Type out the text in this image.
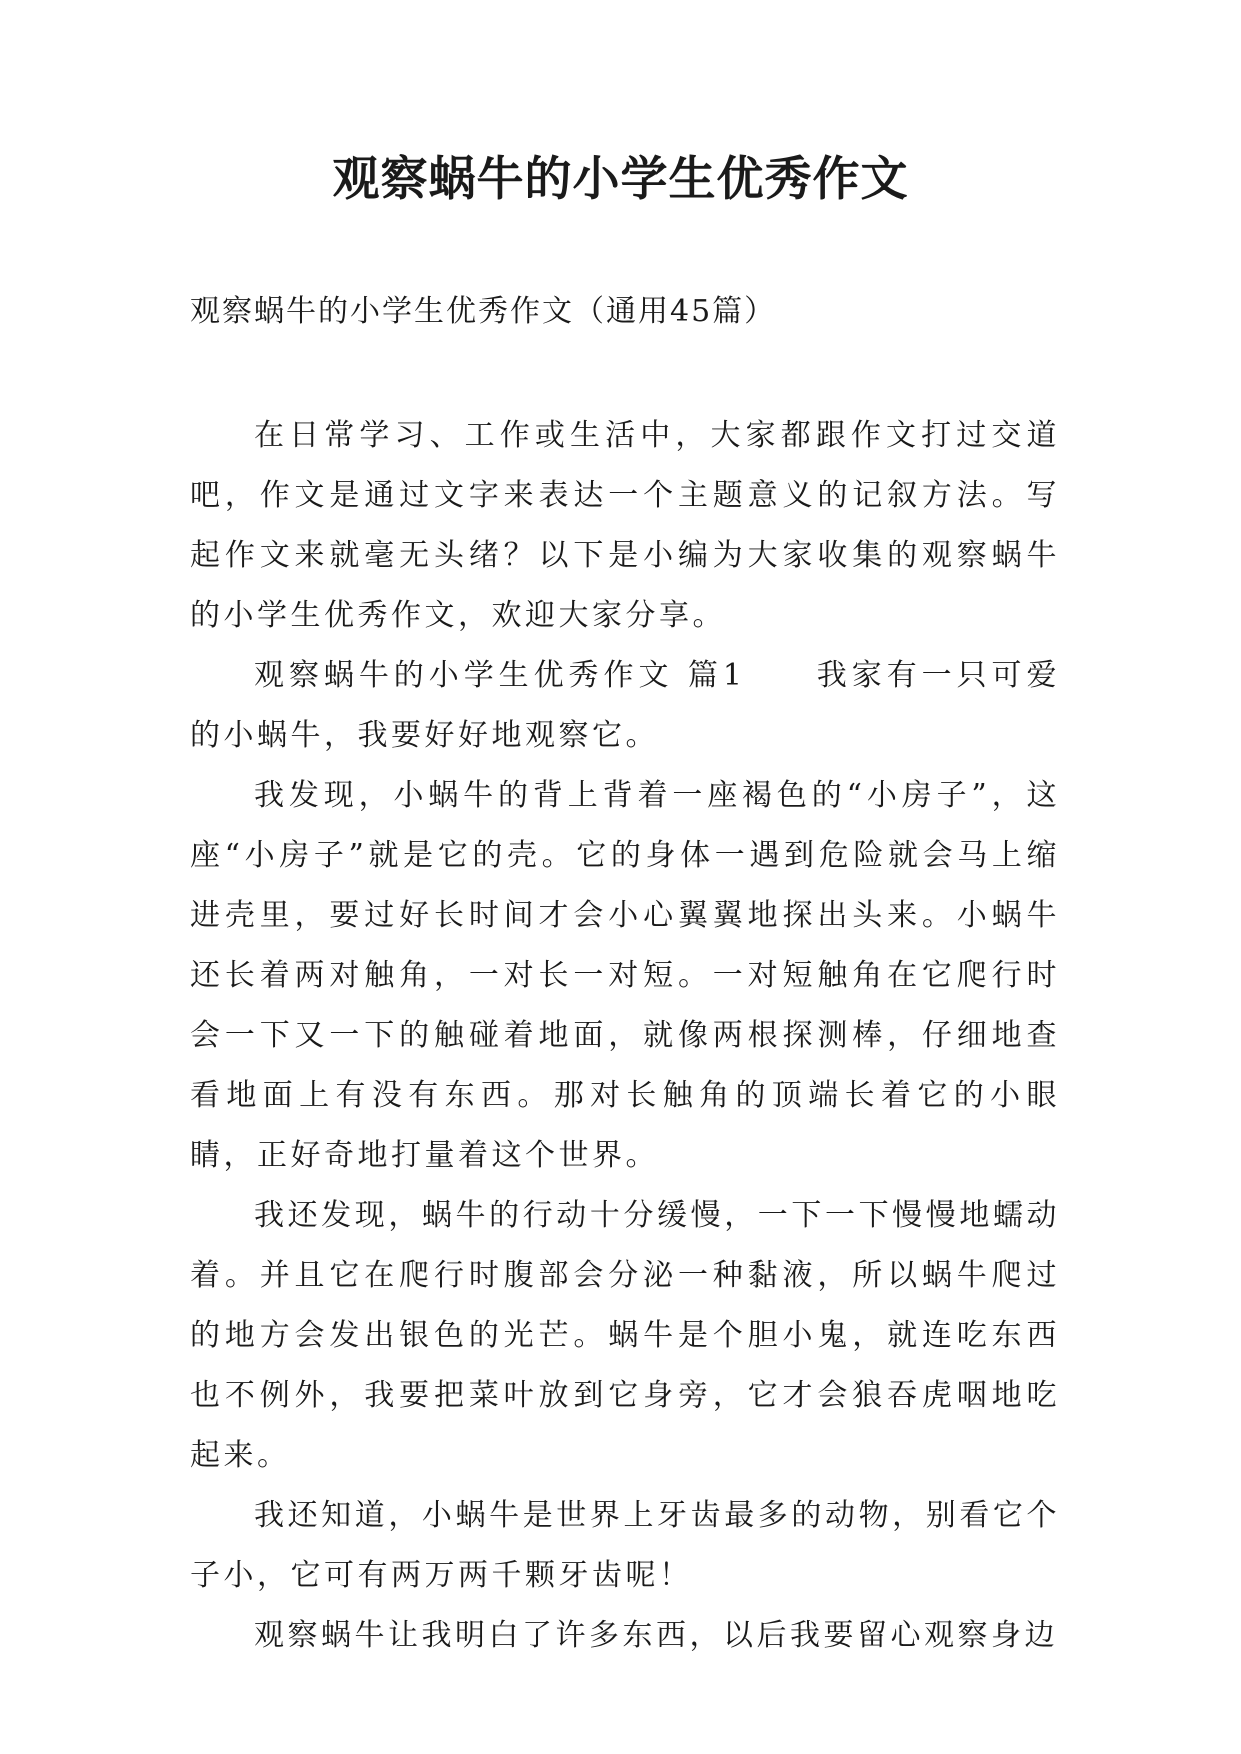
观察蜗牛的小学生优秀作文
观察蜗牛的小学生优秀作文（通用45篇）

在日常学习、工作或生活中，大家都跟作文打过交道吧，作文是通过文字来表达一个主题意义的记叙方法。写起作文来就毫无头绪？以下是小编为大家收集的观察蜗牛的小学生优秀作文，欢迎大家分享。

观察蜗牛的小学生优秀作文 篇1　　我家有一只可爱的小蜗牛，我要好好地观察它。

我发现，小蜗牛的背上背着一座褐色的“小房子”，这座“小房子”就是它的壳。它的身体一遇到危险就会马上缩进壳里，要过好长时间才会小心翼翼地探出头来。小蜗牛还长着两对触角，一对长一对短。一对短触角在它爬行时会一下又一下的触碰着地面，就像两根探测棒，仔细地查看地面上有没有东西。那对长触角的顶端长着它的小眼睛，正好奇地打量着这个世界。

我还发现，蜗牛的行动十分缓慢，一下一下慢慢地蠕动着。并且它在爬行时腹部会分泌一种黏液，所以蜗牛爬过的地方会发出银色的光芒。蜗牛是个胆小鬼，就连吃东西也不例外，我要把菜叶放到它身旁，它才会狼吞虎咽地吃起来。

我还知道，小蜗牛是世界上牙齿最多的动物，别看它个子小，它可有两万两千颗牙齿呢！

观察蜗牛让我明白了许多东西，以后我要留心观察身边
